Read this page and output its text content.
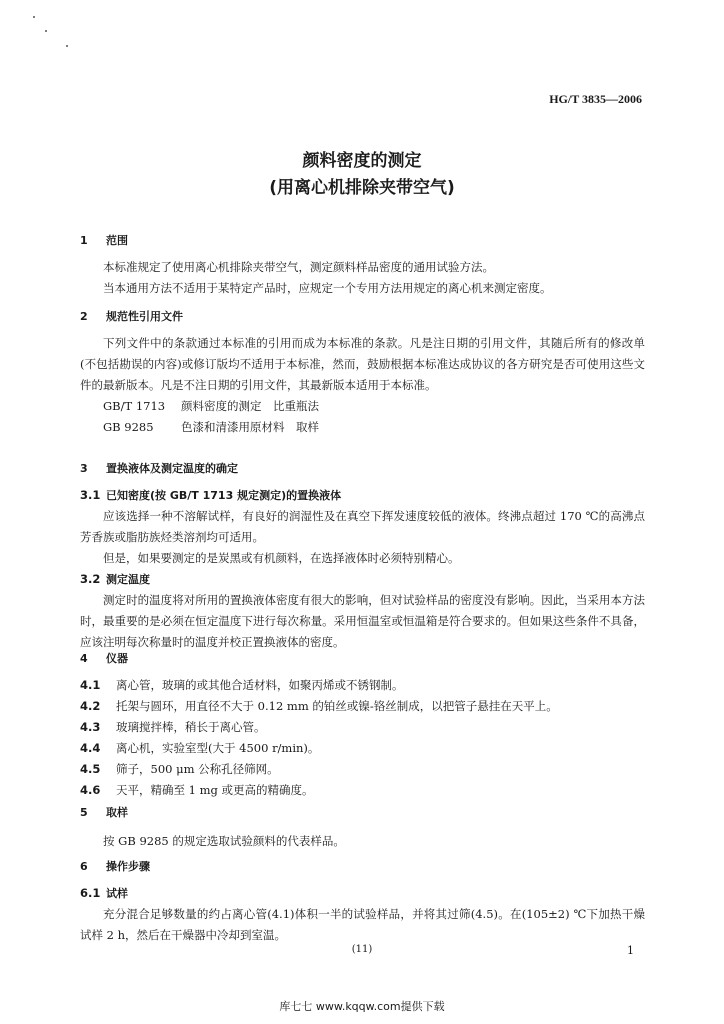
HG/T 3835—2006
颜料密度的测定
(用离心机排除夹带空气)
1 范围

本标准规定了使用离心机排除夹带空气，测定颜料样品密度的通用试验方法。

当本通用方法不适用于某特定产品时，应规定一个专用方法用规定的离心机来测定密度。

2 规范性引用文件

下列文件中的条款通过本标准的引用而成为本标准的条款。凡是注日期的引用文件，其随后所有的修改单(不包括勘误的内容)或修订版均不适用于本标准，然而，鼓励根据本标准达成协议的各方研究是否可使用这些文件的最新版本。凡是不注日期的引用文件，其最新版本适用于本标准。

GB/T 1713 颜料密度的测定　比重瓶法

GB 9285 色漆和清漆用原材料　取样

3 置换液体及测定温度的确定
3.1 已知密度(按 GB/T 1713 规定测定)的置换液体

应该选择一种不溶解试样，有良好的润湿性及在真空下挥发速度较低的液体。终沸点超过 170 ℃的高沸点芳香族或脂肪族烃类溶剂均可适用。

但是，如果要测定的是炭黑或有机颜料，在选择液体时必须特别精心。

3.2 测定温度

测定时的温度将对所用的置换液体密度有很大的影响，但对试验样品的密度没有影响。因此，当采用本方法时，最重要的是必须在恒定温度下进行每次称量。采用恒温室或恒温箱是符合要求的。但如果这些条件不具备，应该注明每次称量时的温度并校正置换液体的密度。

4 仪器

4.1 离心管，玻璃的或其他合适材料，如聚丙烯或不锈钢制。

4.2 托架与圆环，用直径不大于 0.12 mm 的铂丝或镍-铬丝制成，以把管子悬挂在天平上。

4.3 玻璃搅拌棒，稍长于离心管。

4.4 离心机，实验室型(大于 4500 r/min)。

4.5 筛子，500 μm 公称孔径筛网。

4.6 天平，精确至 1 mg 或更高的精确度。

5 取样

按 GB 9285 的规定选取试验颜料的代表样品。

6 操作步骤
6.1 试样

充分混合足够数量的约占离心管(4.1)体积一半的试验样品，并将其过筛(4.5)。在(105±2) ℃下加热干燥试样 2 h，然后在干燥器中冷却到室温。

(11)	1
库七七 www.kqqw.com提供下载
